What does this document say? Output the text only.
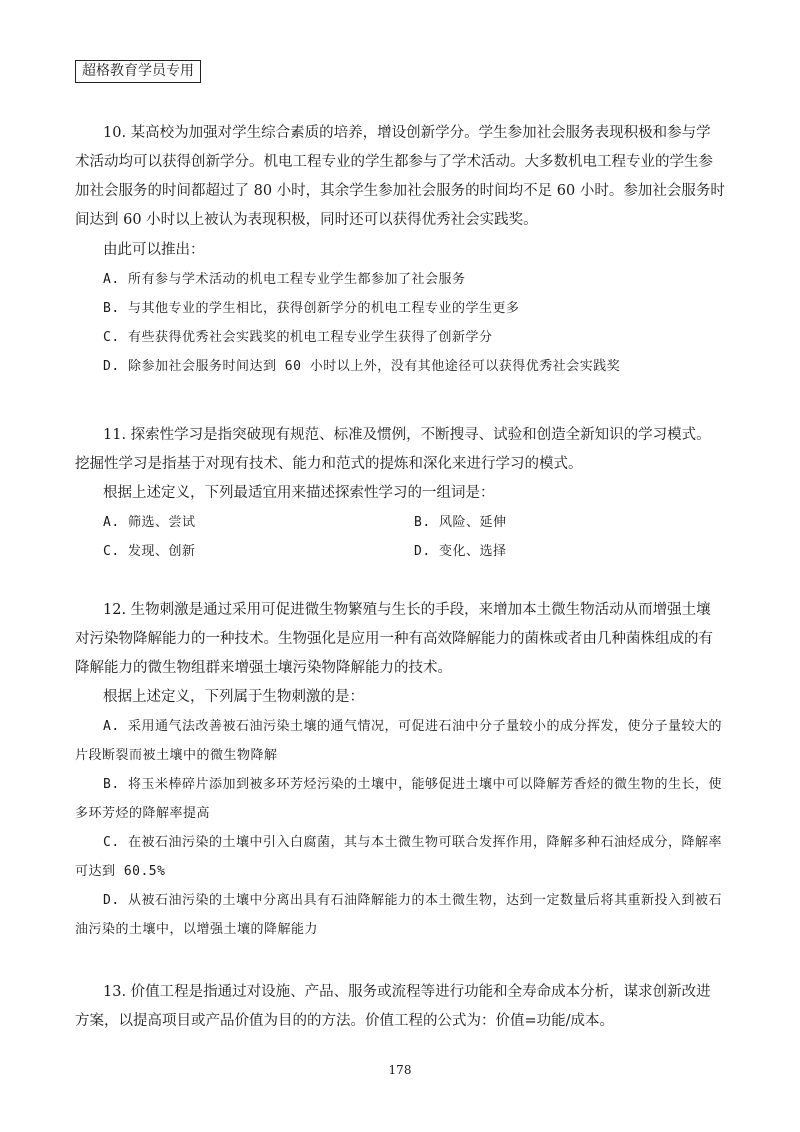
超格教育学员专用

10. 某高校为加强对学生综合素质的培养，增设创新学分。学生参加社会服务表现积极和参与学术活动均可以获得创新学分。机电工程专业的学生都参与了学术活动。大多数机电工程专业的学生参加社会服务的时间都超过了 80 小时，其余学生参加社会服务的时间均不足 60 小时。参加社会服务时间达到 60 小时以上被认为表现积极，同时还可以获得优秀社会实践奖。

由此可以推出：

A. 所有参与学术活动的机电工程专业学生都参加了社会服务

B. 与其他专业的学生相比，获得创新学分的机电工程专业的学生更多

C. 有些获得优秀社会实践奖的机电工程专业学生获得了创新学分

D. 除参加社会服务时间达到 60 小时以上外，没有其他途径可以获得优秀社会实践奖

11. 探索性学习是指突破现有规范、标准及惯例，不断搜寻、试验和创造全新知识的学习模式。挖掘性学习是指基于对现有技术、能力和范式的提炼和深化来进行学习的模式。

根据上述定义，下列最适宜用来描述探索性学习的一组词是：

A. 筛选、尝试	B. 风险、延伸

C. 发现、创新	D. 变化、选择

12. 生物刺激是通过采用可促进微生物繁殖与生长的手段，来增加本土微生物活动从而增强土壤对污染物降解能力的一种技术。生物强化是应用一种有高效降解能力的菌株或者由几种菌株组成的有降解能力的微生物组群来增强土壤污染物降解能力的技术。

根据上述定义，下列属于生物刺激的是：

A. 采用通气法改善被石油污染土壤的通气情况，可促进石油中分子量较小的成分挥发，使分子量较大的片段断裂而被土壤中的微生物降解

B. 将玉米棒碎片添加到被多环芳烃污染的土壤中，能够促进土壤中可以降解芳香烃的微生物的生长，使多环芳烃的降解率提高

C. 在被石油污染的土壤中引入白腐菌，其与本土微生物可联合发挥作用，降解多种石油烃成分，降解率可达到 60.5%

D. 从被石油污染的土壤中分离出具有石油降解能力的本土微生物，达到一定数量后将其重新投入到被石油污染的土壤中，以增强土壤的降解能力

13. 价值工程是指通过对设施、产品、服务或流程等进行功能和全寿命成本分析，谋求创新改进方案，以提高项目或产品价值为目的的方法。价值工程的公式为：价值=功能/成本。

178
